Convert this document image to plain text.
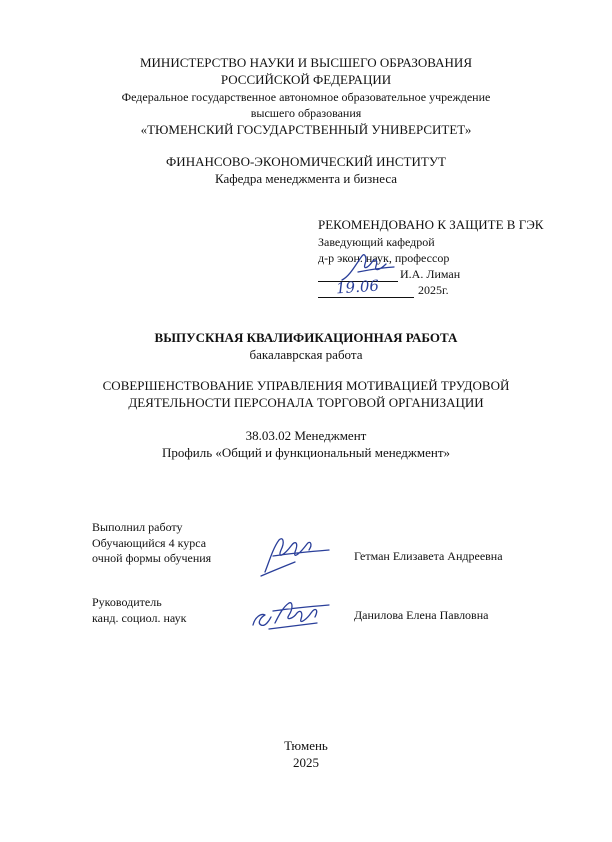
МИНИСТЕРСТВО НАУКИ И ВЫСШЕГО ОБРАЗОВАНИЯ
РОССИЙСКОЙ ФЕДЕРАЦИИ
Федеральное государственное автономное образовательное учреждение
высшего образования
«ТЮМЕНСКИЙ ГОСУДАРСТВЕННЫЙ УНИВЕРСИТЕТ»
ФИНАНСОВО-ЭКОНОМИЧЕСКИЙ ИНСТИТУТ
Кафедра менеджмента и бизнеса
РЕКОМЕНДОВАНО К ЗАЩИТЕ В ГЭК
Заведующий кафедрой
д-р экон. наук, профессор
И.А. Лиман
19.06	2025г.
ВЫПУСКНАЯ КВАЛИФИКАЦИОННАЯ РАБОТА
бакалаврская работа
СОВЕРШЕНСТВОВАНИЕ УПРАВЛЕНИЯ МОТИВАЦИЕЙ ТРУДОВОЙ
ДЕЯТЕЛЬНОСТИ ПЕРСОНАЛА ТОРГОВОЙ ОРГАНИЗАЦИИ
38.03.02 Менеджмент
Профиль «Общий и функциональный менеджмент»
Выполнил работу
Обучающийся 4 курса
очной формы обучения	Гетман Елизавета Андреевна
Руководитель
канд. социол. наук	Данилова Елена Павловна
Тюмень
2025
